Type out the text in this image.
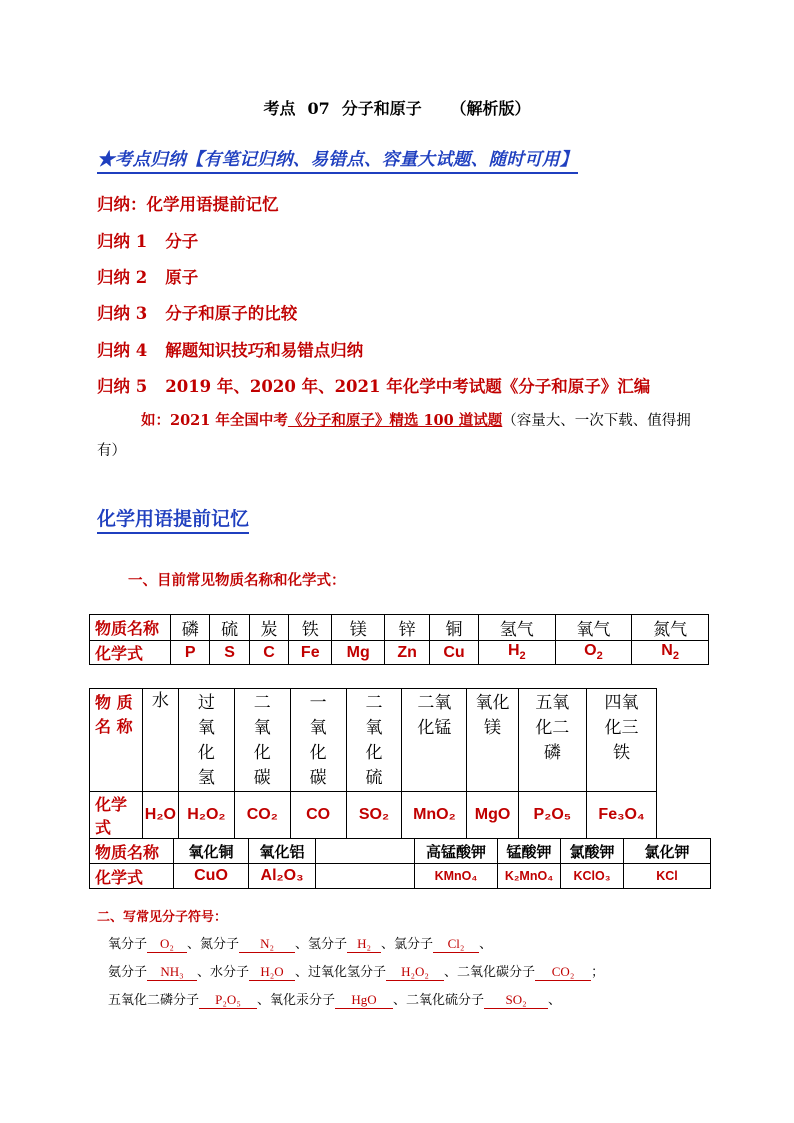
考点 07 分子和原子 （解析版）
★考点归纳【有笔记归纳、易错点、容量大试题、随时可用】
归纳：化学用语提前记忆
归纳 1 分子
归纳 2 原子
归纳 3 分子和原子的比较
归纳 4 解题知识技巧和易错点归纳
归纳 5 2019 年、2020 年、2021 年化学中考试题《分子和原子》汇编
如：2021 年全国中考《分子和原子》精选 100 道试题（容量大、一次下载、值得拥有）
化学用语提前记忆
一、目前常见物质名称和化学式：
物质名称	磷	硫	炭	铁	镁	锌	铜	氢气	氧气	氮气
化学式	P	S	C	Fe	Mg	Zn	Cu	$H_2$	$O_2$	$N_2$
物 质 名 称	水	过氧化氢	二氧化碳	一氧化碳	二氧化硫	二氧化锰	氧化镁	五氧化二磷	四氧化三铁
化学式	H₂O	H₂O₂	CO₂	CO	SO₂	MnO₂	MgO	P₂O₅	Fe₃O₄
物质名称	氧化铜	氧化铝		高锰酸钾	锰酸钾	氯酸钾	氯化钾
化学式	CuO	Al₂O₃		KMnO₄	K₂MnO₄	KClO₃	KCl
二、写常见分子符号：
氧分子 O₂ 、氮分子 N₂ 、氢分子 H₂ 、氯分子 Cl₂ 、
氨分子 NH₃ 、水分子 H₂O 、过氧化氢分子 H₂O₂ 、二氧化碳分子 CO₂ ；
五氧化二磷分子 P₂O₅ 、氧化汞分子 HgO 、二氧化硫分子 SO₂ 、
